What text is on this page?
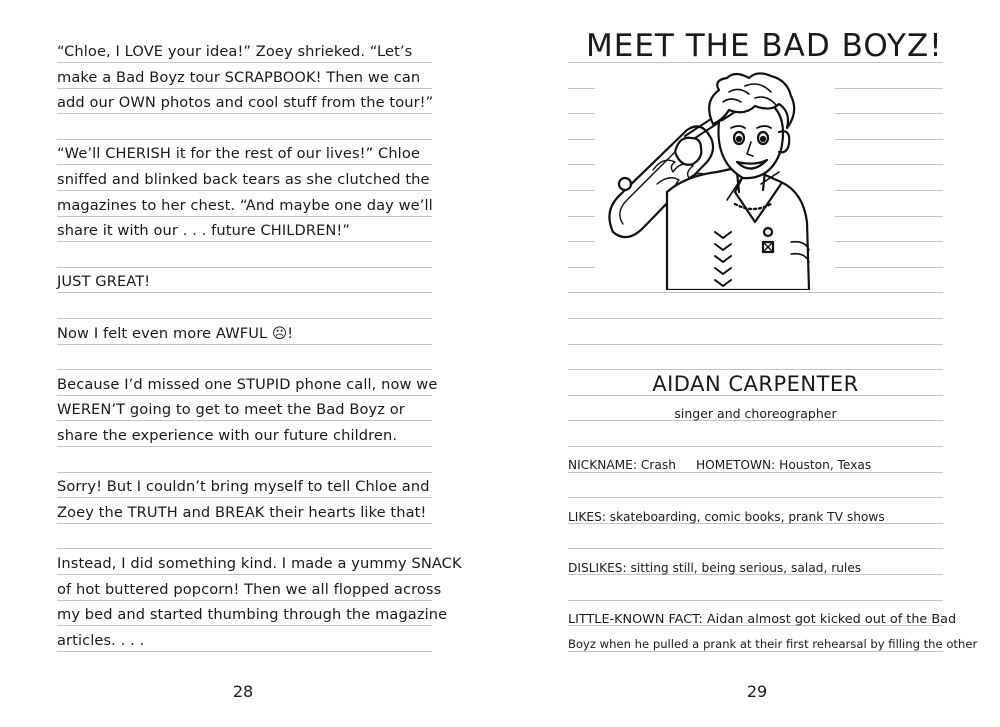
“Chloe, I LOVE your idea!” Zoey shrieked. “Let’s
make a Bad Boyz tour SCRAPBOOK! Then we can
add our OWN photos and cool stuff from the tour!”
“We’ll CHERISH it for the rest of our lives!” Chloe
sniffed and blinked back tears as she clutched the
magazines to her chest. “And maybe one day we’ll
share it with our . . . future CHILDREN!”
JUST GREAT!
Now I felt even more AWFUL ☹!
Because I’d missed one STUPID phone call, now we
WEREN’T going to get to meet the Bad Boyz or
share the experience with our future children.
Sorry! But I couldn’t bring myself to tell Chloe and
Zoey the TRUTH and BREAK their hearts like that!
Instead, I did something kind. I made a yummy SNACK
of hot buttered popcorn! Then we all flopped across
my bed and started thumbing through the magazine
articles. . . .
28
MEET THE BAD BOYZ!
AIDAN CARPENTER
singer and choreographer
NICKNAME: Crash HOMETOWN: Houston, Texas
LIKES: skateboarding, comic books, prank TV shows
DISLIKES: sitting still, being serious, salad, rules
LITTLE-KNOWN FACT: Aidan almost got kicked out of the Bad
Boyz when he pulled a prank at their first rehearsal by filling the other
29
